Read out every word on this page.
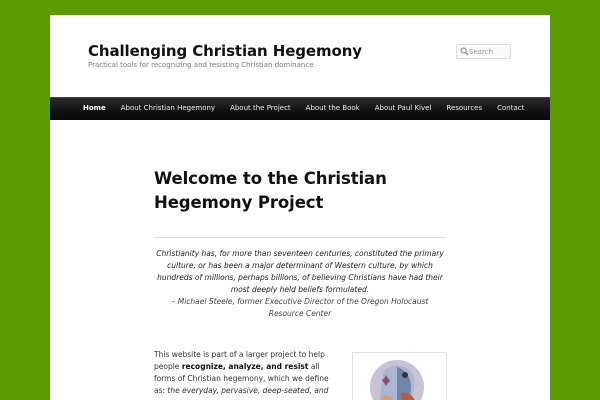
Challenging Christian Hegemony
Practical tools for recognizing and resisting Christian dominance
Search
Home About Christian Hegemony About the Project About the Book About Paul Kivel Resources Contact
Welcome to the Christian Hegemony Project
Christianity has, for more than seventeen centuries, constituted the primary culture, or has been a major determinant of Western culture, by which hundreds of millions, perhaps billions, of believing Christians have had their most deeply held beliefs formulated.
– Michael Steele, former Executive Director of the Oregon Holocaust Resource Center

This website is part of a larger project to help people recognize, analyze, and resist all forms of Christian hegemony, which we define as: the everyday, pervasive, deep-seated, and
